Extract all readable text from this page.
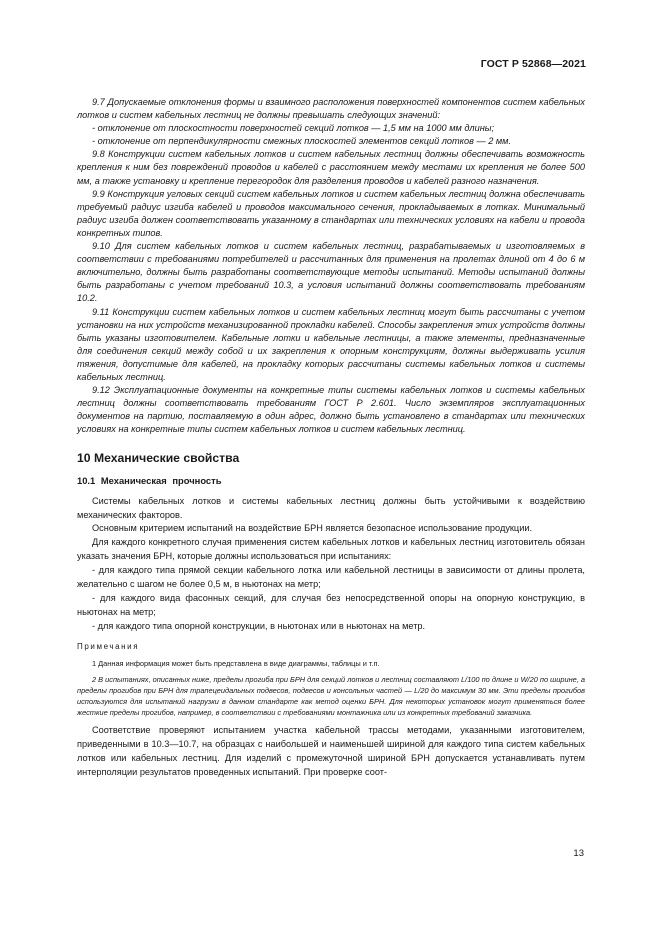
ГОСТ Р 52868—2021

9.7 Допускаемые отклонения формы и взаимного расположения поверхностей компонентов систем кабельных лотков и систем кабельных лестниц не должны превышать следующих значений:

- отклонение от плоскостности поверхностей секций лотков — 1,5 мм на 1000 мм длины;

- отклонение от перпендикулярности смежных плоскостей элементов секций лотков — 2 мм.

9.8 Конструкции систем кабельных лотков и систем кабельных лестниц должны обеспечивать возможность крепления к ним без повреждений проводов и кабелей с расстоянием между местами их крепления не более 500 мм, а также установку и крепление перегородок для разделения проводов и кабелей разного назначения.

9.9 Конструкция угловых секций систем кабельных лотков и систем кабельных лестниц должна обеспечивать требуемый радиус изгиба кабелей и проводов максимального сечения, прокладываемых в лотках. Минимальный радиус изгиба должен соответствовать указанному в стандартах или технических условиях на кабели и провода конкретных типов.

9.10 Для систем кабельных лотков и систем кабельных лестниц, разрабатываемых и изготовляемых в соответствии с требованиями потребителей и рассчитанных для применения на пролетах длиной от 4 до 6 м включительно, должны быть разработаны соответствующие методы испытаний. Методы испытаний должны быть разработаны с учетом требований 10.3, а условия испытаний должны соответствовать требованиям 10.2.

9.11 Конструкции систем кабельных лотков и систем кабельных лестниц могут быть рассчитаны с учетом установки на них устройств механизированной прокладки кабелей. Способы закрепления этих устройств должны быть указаны изготовителем. Кабельные лотки и кабельные лестницы, а также элементы, предназначенные для соединения секций между собой и их закрепления к опорным конструкциям, должны выдерживать усилия тяжения, допустимые для кабелей, на прокладку которых рассчитаны системы кабельных лотков и системы кабельных лестниц.

9.12 Эксплуатационные документы на конкретные типы системы кабельных лотков и системы кабельных лестниц должны соответствовать требованиям ГОСТ Р 2.601. Число экземпляров эксплуатационных документов на партию, поставляемую в один адрес, должно быть установлено в стандартах или технических условиях на конкретные типы систем кабельных лотков и систем кабельных лестниц.

10 Механические свойства
10.1 Механическая прочность

Системы кабельных лотков и системы кабельных лестниц должны быть устойчивыми к воздействию механических факторов.

Основным критерием испытаний на воздействие БРН является безопасное использование продукции.

Для каждого конкретного случая применения систем кабельных лотков и кабельных лестниц изготовитель обязан указать значения БРН, которые должны использоваться при испытаниях:

- для каждого типа прямой секции кабельного лотка или кабельной лестницы в зависимости от длины пролета, желательно с шагом не более 0,5 м, в ньютонах на метр;

- для каждого вида фасонных секций, для случая без непосредственной опоры на опорную конструкцию, в ньютонах на метр;

- для каждого типа опорной конструкции, в ньютонах или в ньютонах на метр.

Примечания

1 Данная информация может быть представлена в виде диаграммы, таблицы и т.п.

2 В испытаниях, описанных ниже, пределы прогиба при БРН для секций лотков и лестниц составляют L/100 по длине и W/20 по ширине, а пределы прогибов при БРН для трапецеидальных подвесов, подвесов и консольных частей — L/20 до максимум 30 мм. Эти пределы прогибов используются для испытаний нагрузки в данном стандарте как метод оценки БРН. Для некоторых установок могут применяться более жесткие пределы прогибов, например, в соответствии с требованиями монтажника или из конкретных требований заказчика.

Соответствие проверяют испытанием участка кабельной трассы методами, указанными изготовителем, приведенными в 10.3—10.7, на образцах с наибольшей и наименьшей шириной для каждого типа систем кабельных лотков или кабельных лестниц. Для изделий с промежуточной шириной БРН допускается устанавливать путем интерполяции результатов проведенных испытаний. При проверке соот-

13
